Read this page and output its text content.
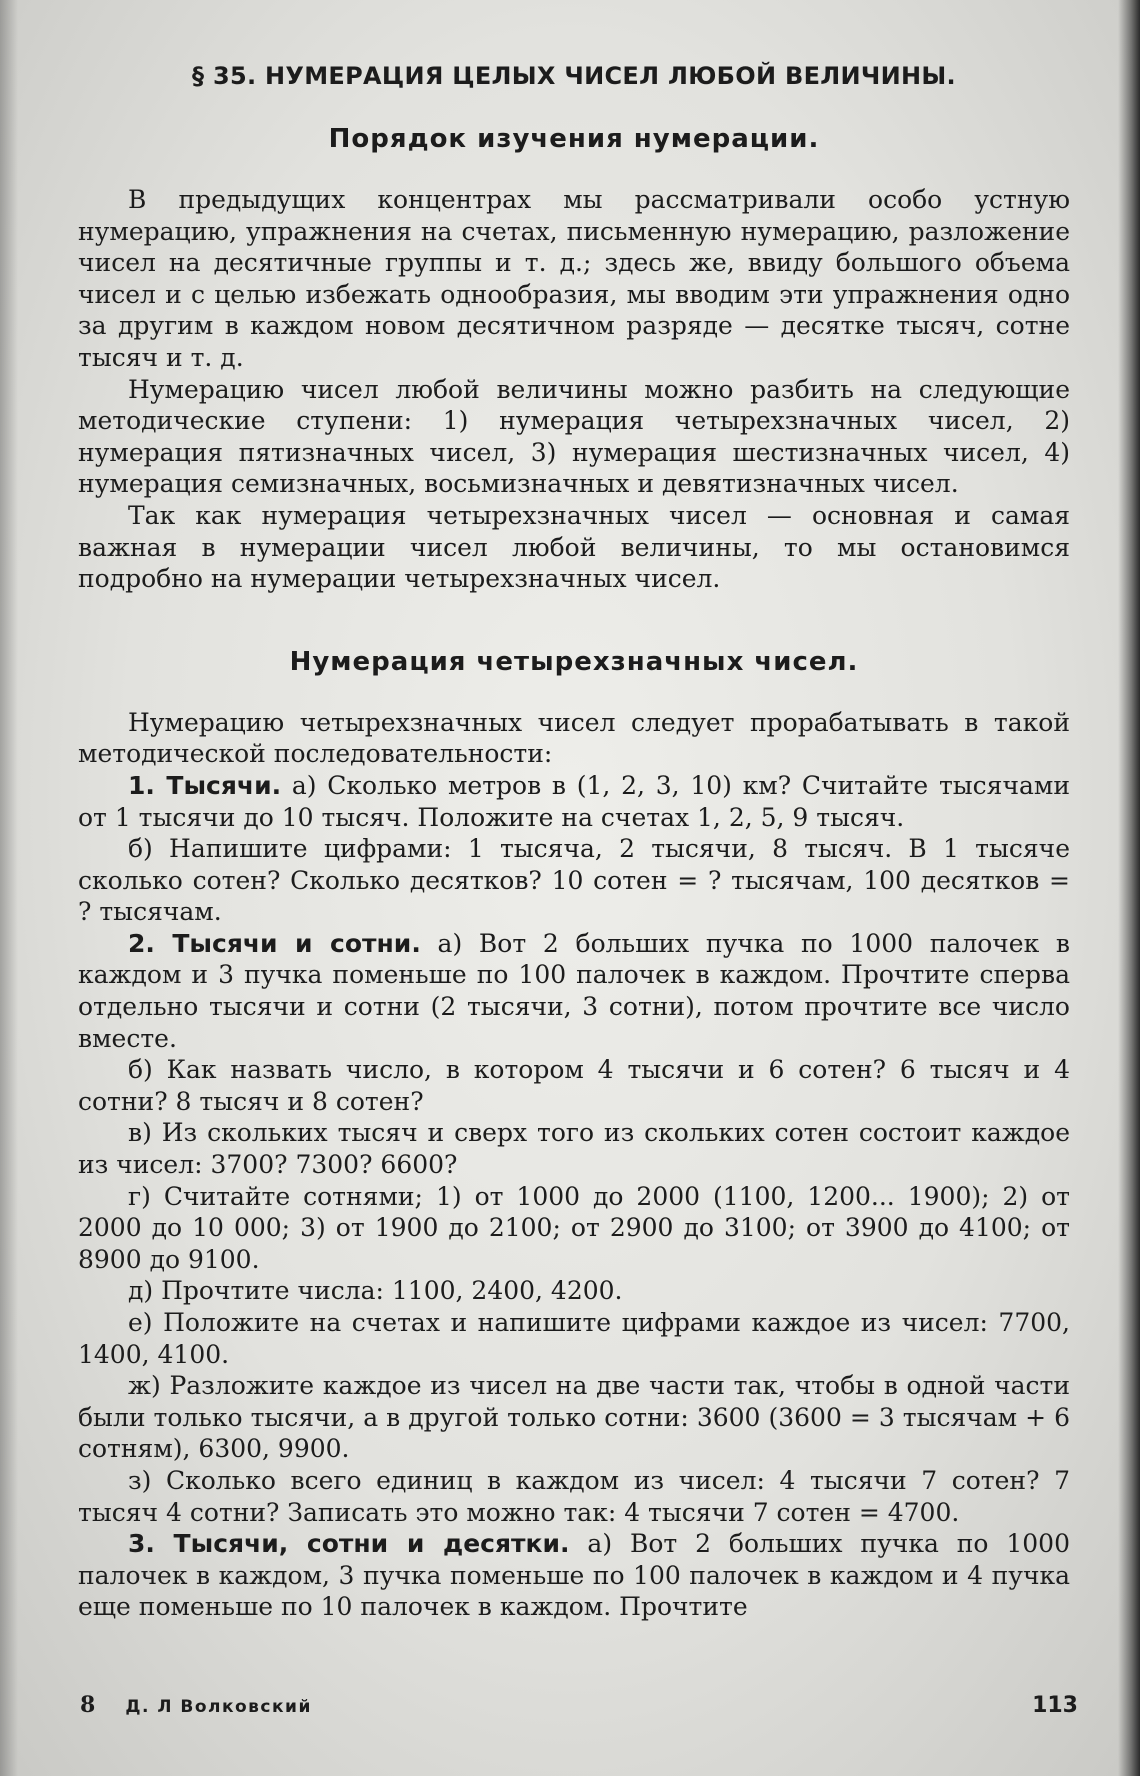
§ 35. НУМЕРАЦИЯ ЦЕЛЫХ ЧИСЕЛ ЛЮБОЙ ВЕЛИЧИНЫ.
Порядок изучения нумерации.

В предыдущих концентрах мы рассматривали особо устную нумерацию, упражнения на счетах, письменную нумерацию, разложение чисел на десятичные группы и т. д.; здесь же, ввиду большого объема чисел и с целью избежать однообразия, мы вводим эти упражнения одно за другим в каждом новом десятичном разряде — десятке тысяч, сотне тысяч и т. д.

Нумерацию чисел любой величины можно разбить на следующие методические ступени: 1) нумерация четырехзначных чисел, 2) нумерация пятизначных чисел, 3) нумерация шестизначных чисел, 4) нумерация семизначных, восьмизначных и девятизначных чисел.

Так как нумерация четырехзначных чисел — основная и самая важная в нумерации чисел любой величины, то мы остановимся подробно на нумерации четырехзначных чисел.

Нумерация четырехзначных чисел.

Нумерацию четырехзначных чисел следует прорабатывать в такой методической последовательности:

1. Тысячи. а) Сколько метров в (1, 2, 3, 10) км? Считайте тысячами от 1 тысячи до 10 тысяч. Положите на счетах 1, 2, 5, 9 тысяч.

б) Напишите цифрами: 1 тысяча, 2 тысячи, 8 тысяч. В 1 тысяче сколько сотен? Сколько десятков? 10 сотен = ? тысячам, 100 десятков = ? тысячам.

2. Тысячи и сотни. а) Вот 2 больших пучка по 1000 палочек в каждом и 3 пучка поменьше по 100 палочек в каждом. Прочтите сперва отдельно тысячи и сотни (2 тысячи, 3 сотни), потом прочтите все число вместе.

б) Как назвать число, в котором 4 тысячи и 6 сотен? 6 тысяч и 4 сотни? 8 тысяч и 8 сотен?

в) Из скольких тысяч и сверх того из скольких сотен состоит каждое из чисел: 3700? 7300? 6600?

г) Считайте сотнями; 1) от 1000 до 2000 (1100, 1200... 1900); 2) от 2000 до 10 000; 3) от 1900 до 2100; от 2900 до 3100; от 3900 до 4100; от 8900 до 9100.

д) Прочтите числа: 1100, 2400, 4200.

е) Положите на счетах и напишите цифрами каждое из чисел: 7700, 1400, 4100.

ж) Разложите каждое из чисел на две части так, чтобы в одной части были только тысячи, а в другой только сотни: 3600 (3600 = 3 тысячам + 6 сотням), 6300, 9900.

з) Сколько всего единиц в каждом из чисел: 4 тысячи 7 сотен? 7 тысяч 4 сотни? Записать это можно так: 4 тысячи 7 сотен = 4700.

3. Тысячи, сотни и десятки. а) Вот 2 больших пучка по 1000 палочек в каждом, 3 пучка поменьше по 100 палочек в каждом и 4 пучка еще поменьше по 10 палочек в каждом. Прочтите

8 Д. Л Волковский	113
